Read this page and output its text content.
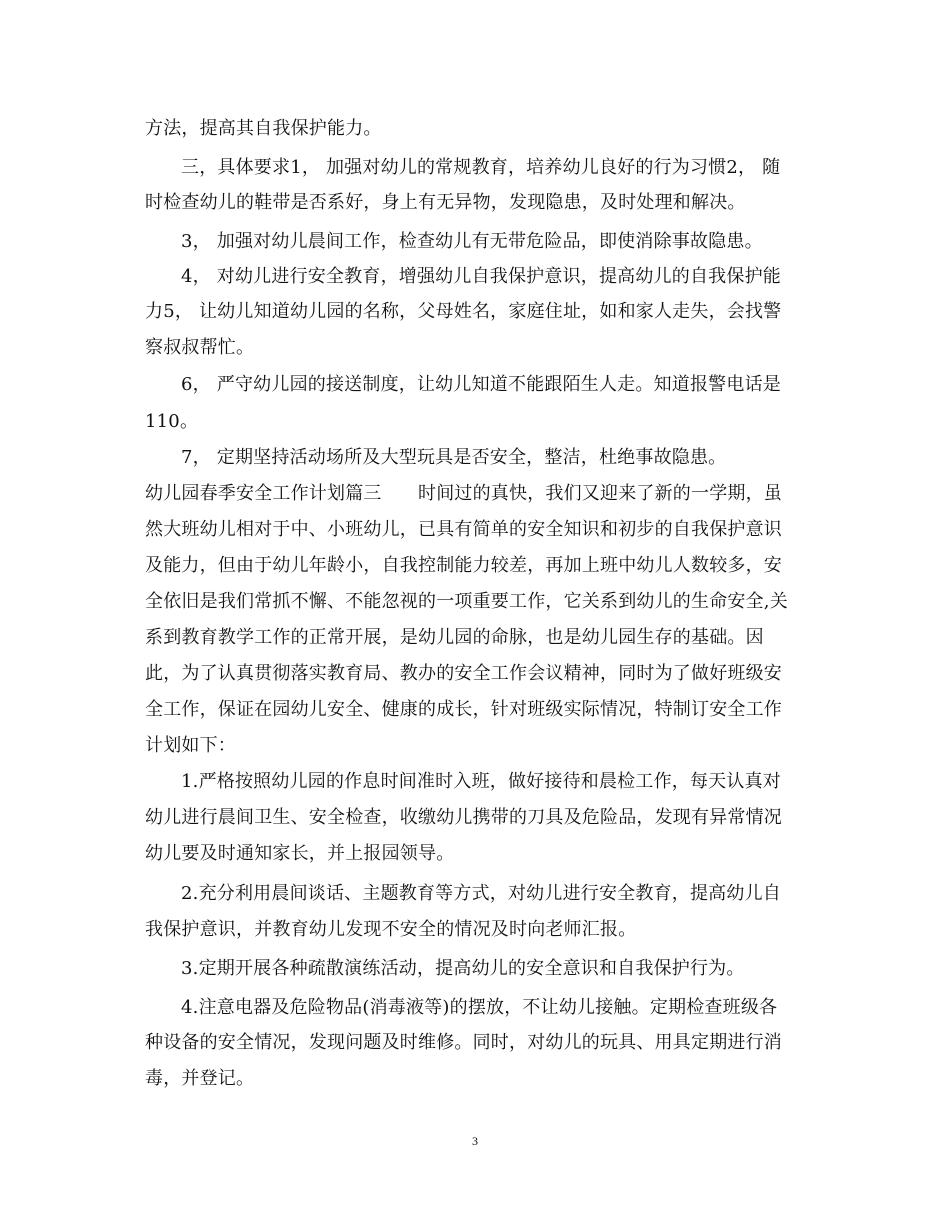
方法，提高其自我保护能力。
三，具体要求1， 加强对幼儿的常规教育，培养幼儿良好的行为习惯2， 随
时检查幼儿的鞋带是否系好，身上有无异物，发现隐患，及时处理和解决。
3， 加强对幼儿晨间工作，检查幼儿有无带危险品，即使消除事故隐患。
4， 对幼儿进行安全教育，增强幼儿自我保护意识，提高幼儿的自我保护能
力5， 让幼儿知道幼儿园的名称，父母姓名，家庭住址，如和家人走失，会找警
察叔叔帮忙。
6， 严守幼儿园的接送制度，让幼儿知道不能跟陌生人走。知道报警电话是
110。
7， 定期坚持活动场所及大型玩具是否安全，整洁，杜绝事故隐患。
幼儿园春季安全工作计划篇三　　时间过的真快，我们又迎来了新的一学期，虽
然大班幼儿相对于中、小班幼儿，已具有简单的安全知识和初步的自我保护意识
及能力，但由于幼儿年龄小，自我控制能力较差，再加上班中幼儿人数较多，安
全依旧是我们常抓不懈、不能忽视的一项重要工作，它关系到幼儿的生命安全,关
系到教育教学工作的正常开展，是幼儿园的命脉，也是幼儿园生存的基础。因
此，为了认真贯彻落实教育局、教办的安全工作会议精神，同时为了做好班级安
全工作，保证在园幼儿安全、健康的成长，针对班级实际情况，特制订安全工作
计划如下：
1.严格按照幼儿园的作息时间准时入班，做好接待和晨检工作，每天认真对
幼儿进行晨间卫生、安全检查，收缴幼儿携带的刀具及危险品，发现有异常情况
幼儿要及时通知家长，并上报园领导。
2.充分利用晨间谈话、主题教育等方式，对幼儿进行安全教育，提高幼儿自
我保护意识，并教育幼儿发现不安全的情况及时向老师汇报。
3.定期开展各种疏散演练活动，提高幼儿的安全意识和自我保护行为。
4.注意电器及危险物品(消毒液等)的摆放，不让幼儿接触。定期检查班级各
种设备的安全情况，发现问题及时维修。同时，对幼儿的玩具、用具定期进行消
毒，并登记。
3
